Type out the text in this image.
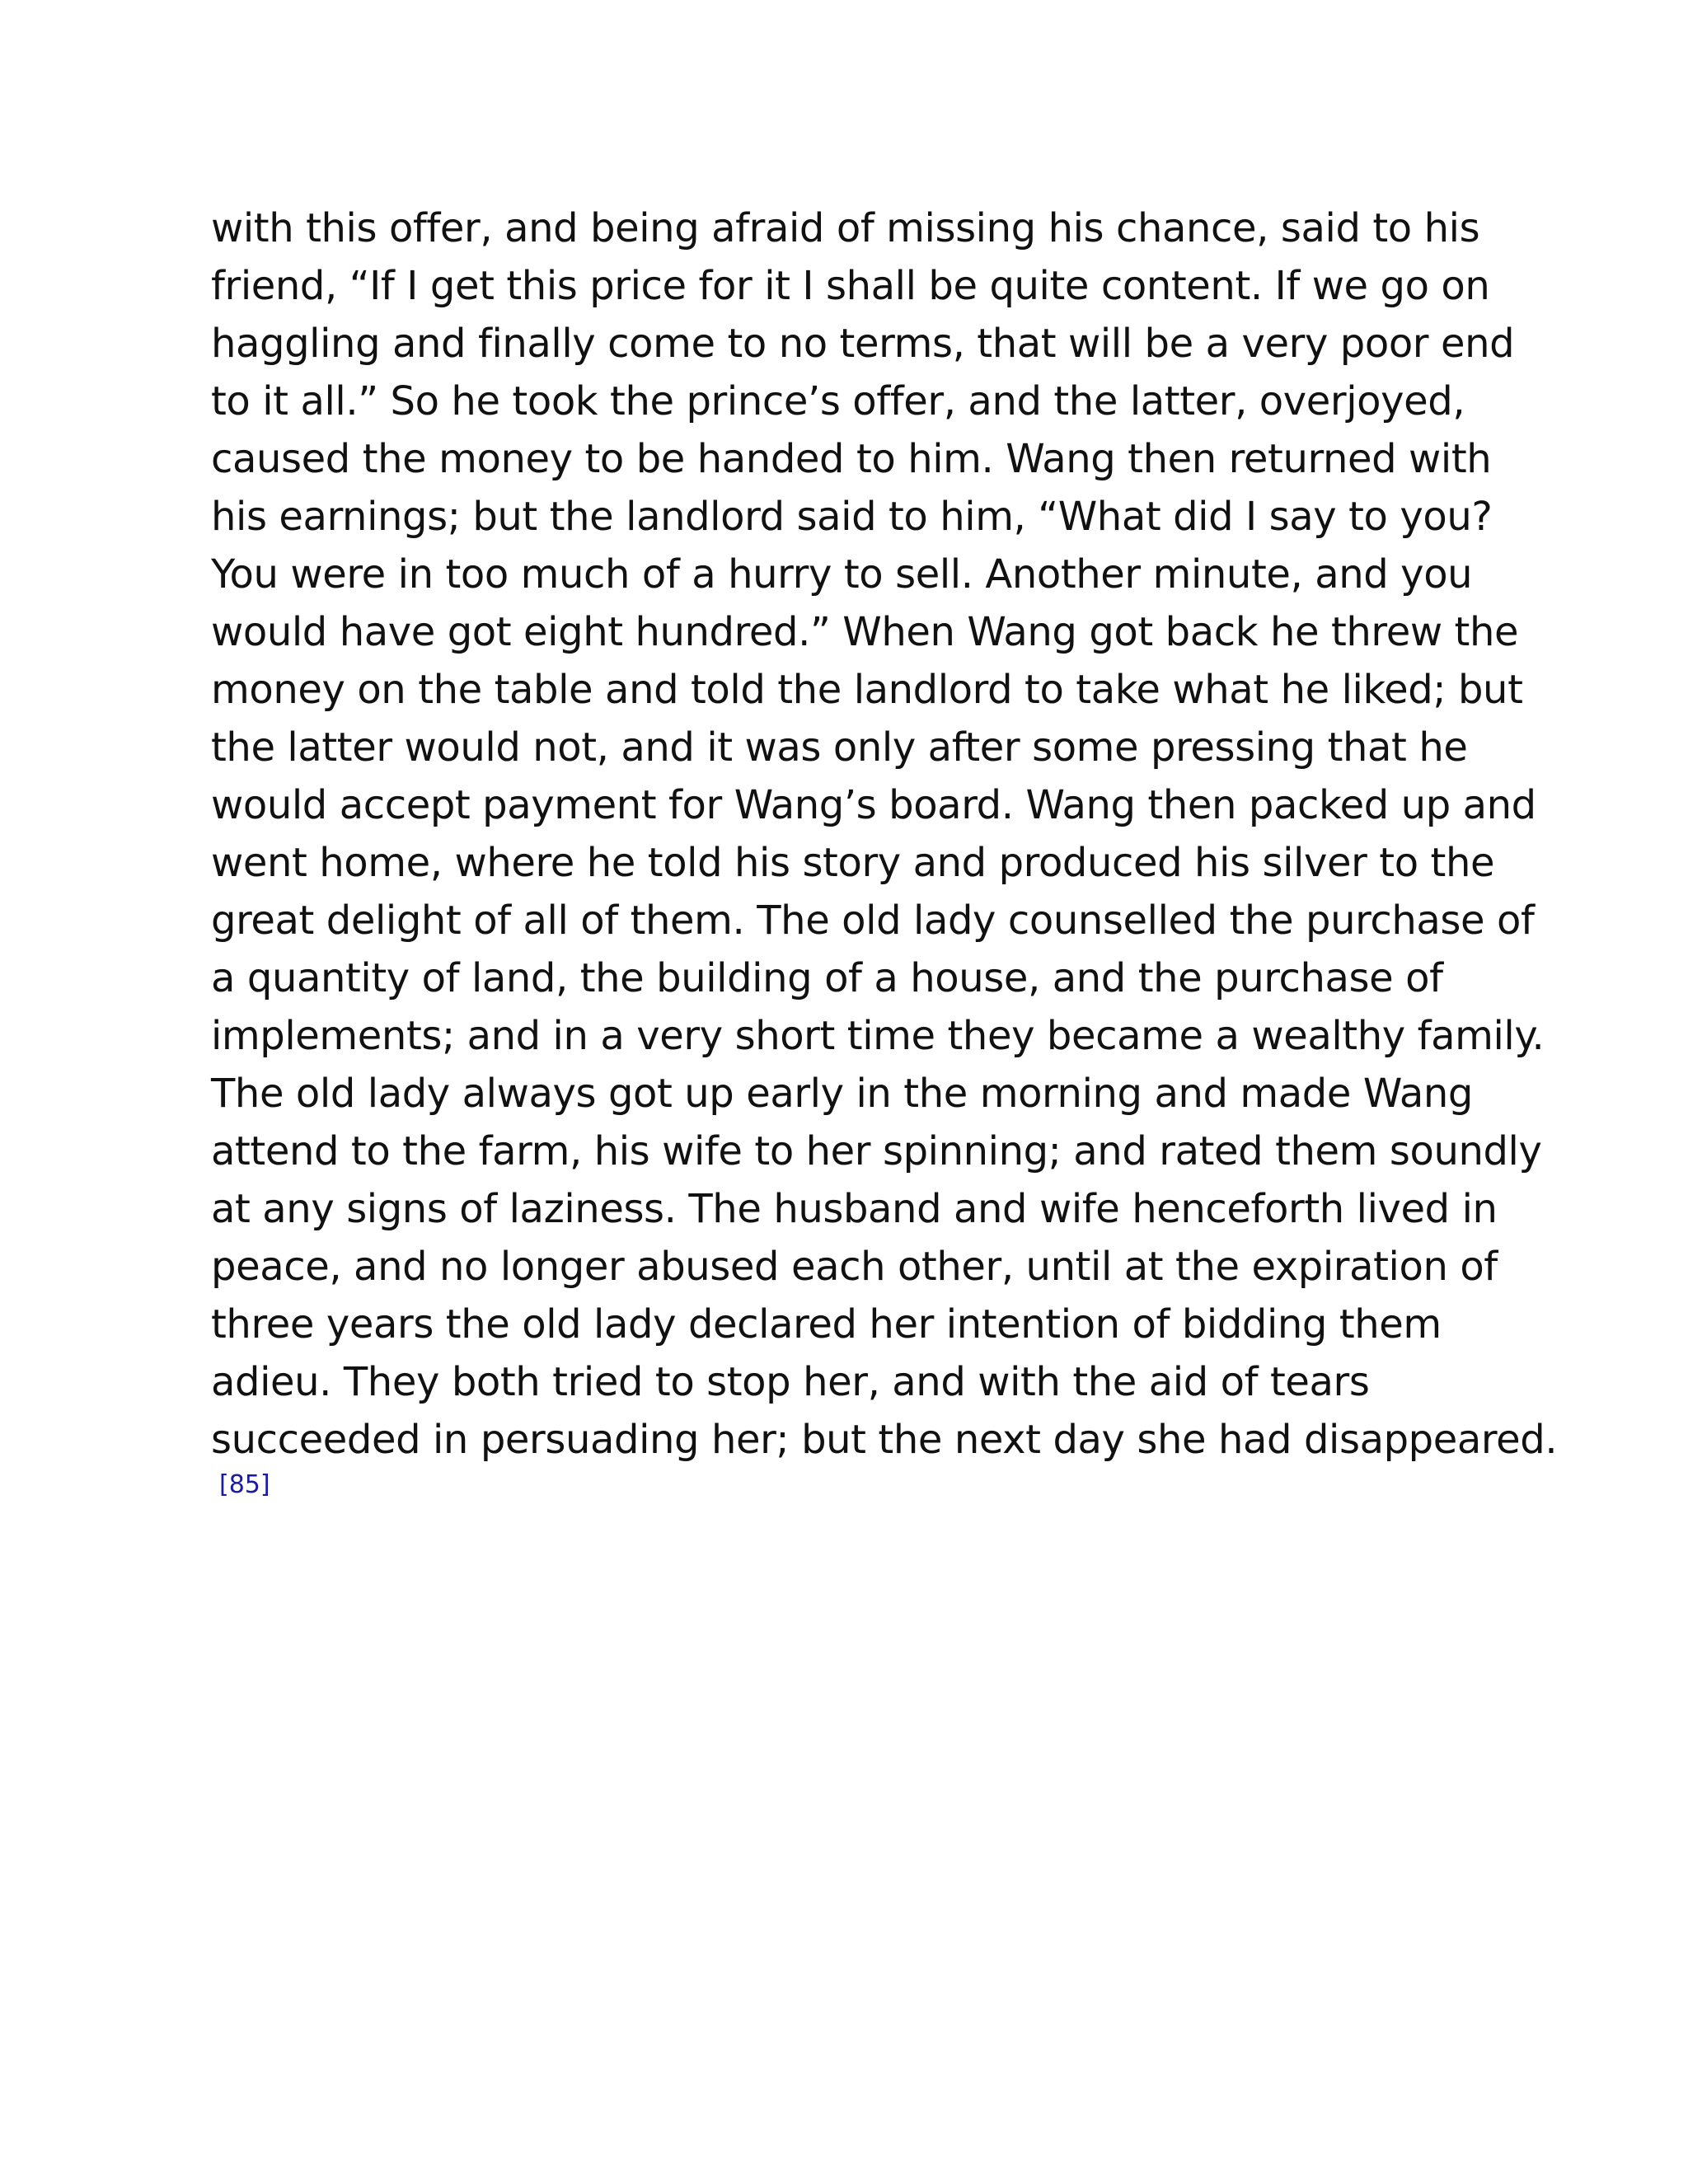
with this offer, and being afraid of missing his chance, said to his
friend, “If I get this price for it I shall be quite content. If we go on
haggling and finally come to no terms, that will be a very poor end
to it all.” So he took the prince’s offer, and the latter, overjoyed,
caused the money to be handed to him. Wang then returned with
his earnings; but the landlord said to him, “What did I say to you?
You were in too much of a hurry to sell. Another minute, and you
would have got eight hundred.” When Wang got back he threw the
money on the table and told the landlord to take what he liked; but
the latter would not, and it was only after some pressing that he
would accept payment for Wang’s board. Wang then packed up and
went home, where he told his story and produced his silver to the
great delight of all of them. The old lady counselled the purchase of
a quantity of land, the building of a house, and the purchase of
implements; and in a very short time they became a wealthy family.
The old lady always got up early in the morning and made Wang
attend to the farm, his wife to her spinning; and rated them soundly
at any signs of laziness. The husband and wife henceforth lived in
peace, and no longer abused each other, until at the expiration of
three years the old lady declared her intention of bidding them
adieu. They both tried to stop her, and with the aid of tears
succeeded in persuading her; but the next day she had disappeared.
[85]
